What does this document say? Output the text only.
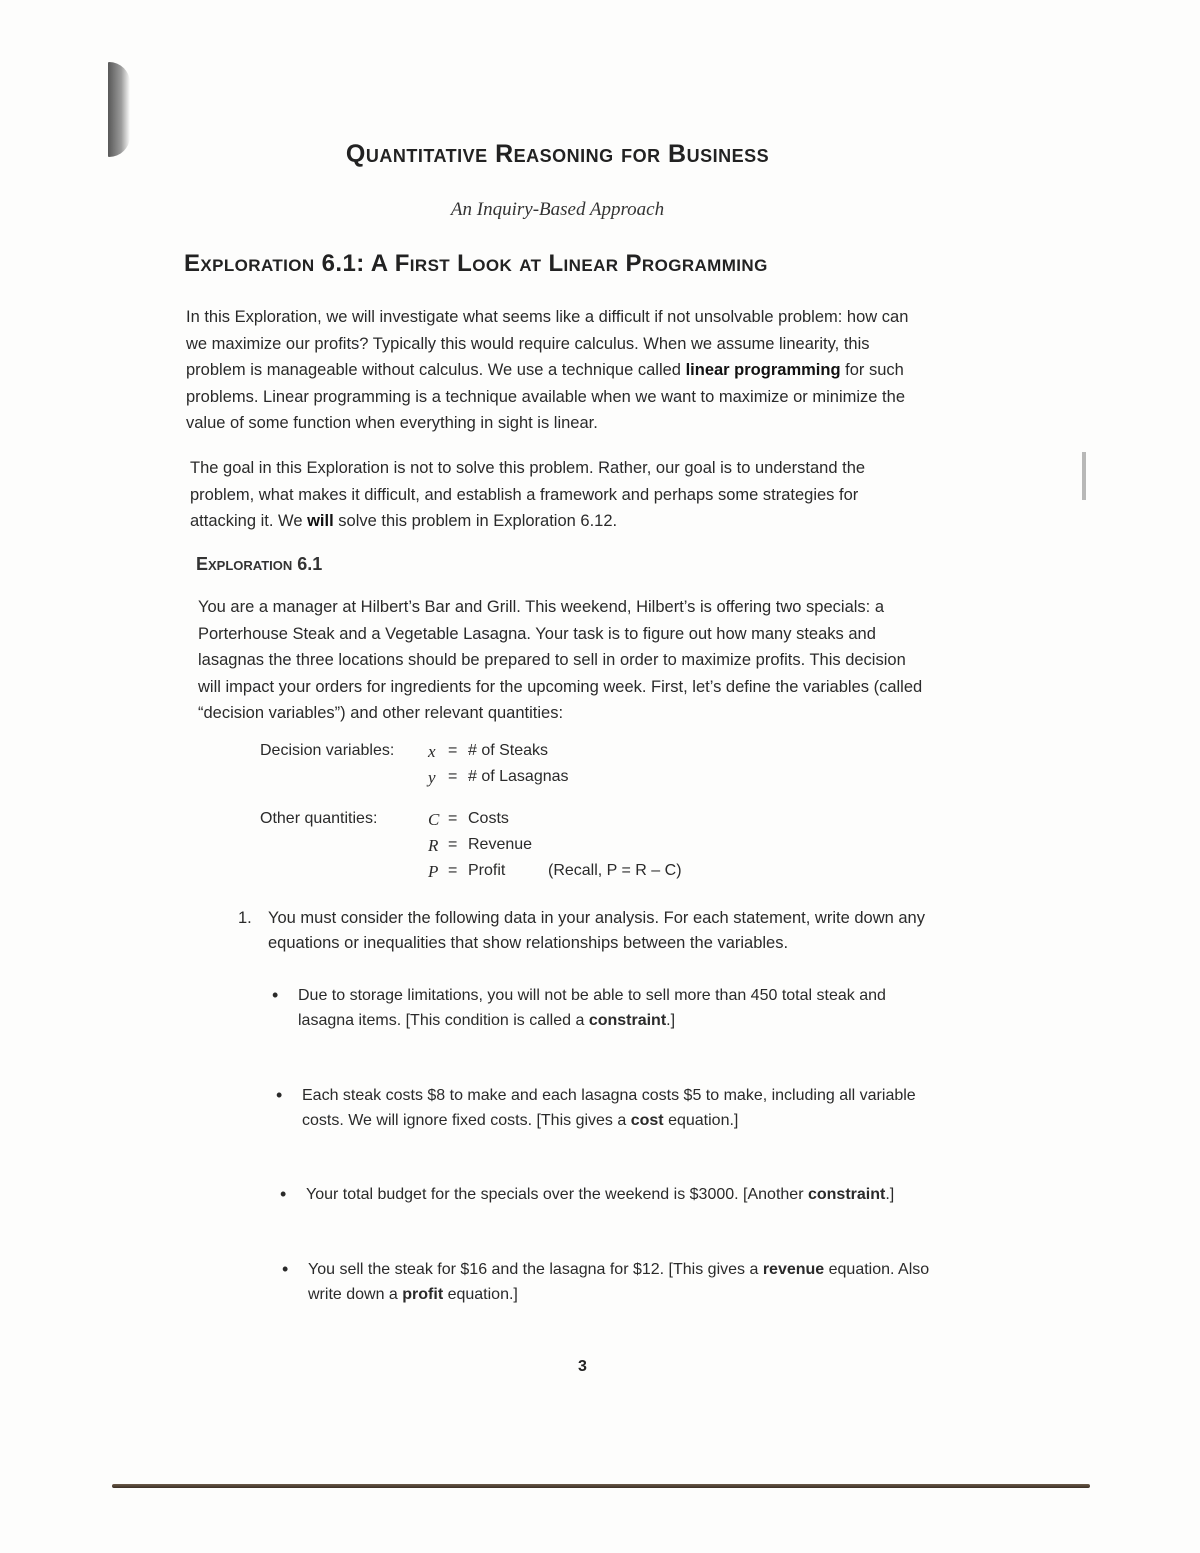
Quantitative Reasoning for Business
An Inquiry-Based Approach
Exploration 6.1: A First Look at Linear Programming
In this Exploration, we will investigate what seems like a difficult if not unsolvable problem: how can we maximize our profits? Typically this would require calculus. When we assume linearity, this problem is manageable without calculus. We use a technique called linear programming for such problems. Linear programming is a technique available when we want to maximize or minimize the value of some function when everything in sight is linear.
The goal in this Exploration is not to solve this problem. Rather, our goal is to understand the problem, what makes it difficult, and establish a framework and perhaps some strategies for attacking it. We will solve this problem in Exploration 6.12.
Exploration 6.1
You are a manager at Hilbert’s Bar and Grill. This weekend, Hilbert’s is offering two specials: a Porterhouse Steak and a Vegetable Lasagna. Your task is to figure out how many steaks and lasagnas the three locations should be prepared to sell in order to maximize profits. This decision will impact your orders for ingredients for the upcoming week. First, let’s define the variables (called “decision variables”) and other relevant quantities:
Decision variables: x = # of Steaks
y = # of Lasagnas
Other quantities:	C = Costs
R = Revenue
P = Profit	(Recall, P = R – C)
1. You must consider the following data in your analysis. For each statement, write down any equations or inequalities that show relationships between the variables.
• Due to storage limitations, you will not be able to sell more than 450 total steak and lasagna items. [This condition is called a constraint.]
• Each steak costs $8 to make and each lasagna costs $5 to make, including all variable costs. We will ignore fixed costs. [This gives a cost equation.]
• Your total budget for the specials over the weekend is $3000. [Another constraint.]
• You sell the steak for $16 and the lasagna for $12. [This gives a revenue equation. Also write down a profit equation.]
3
